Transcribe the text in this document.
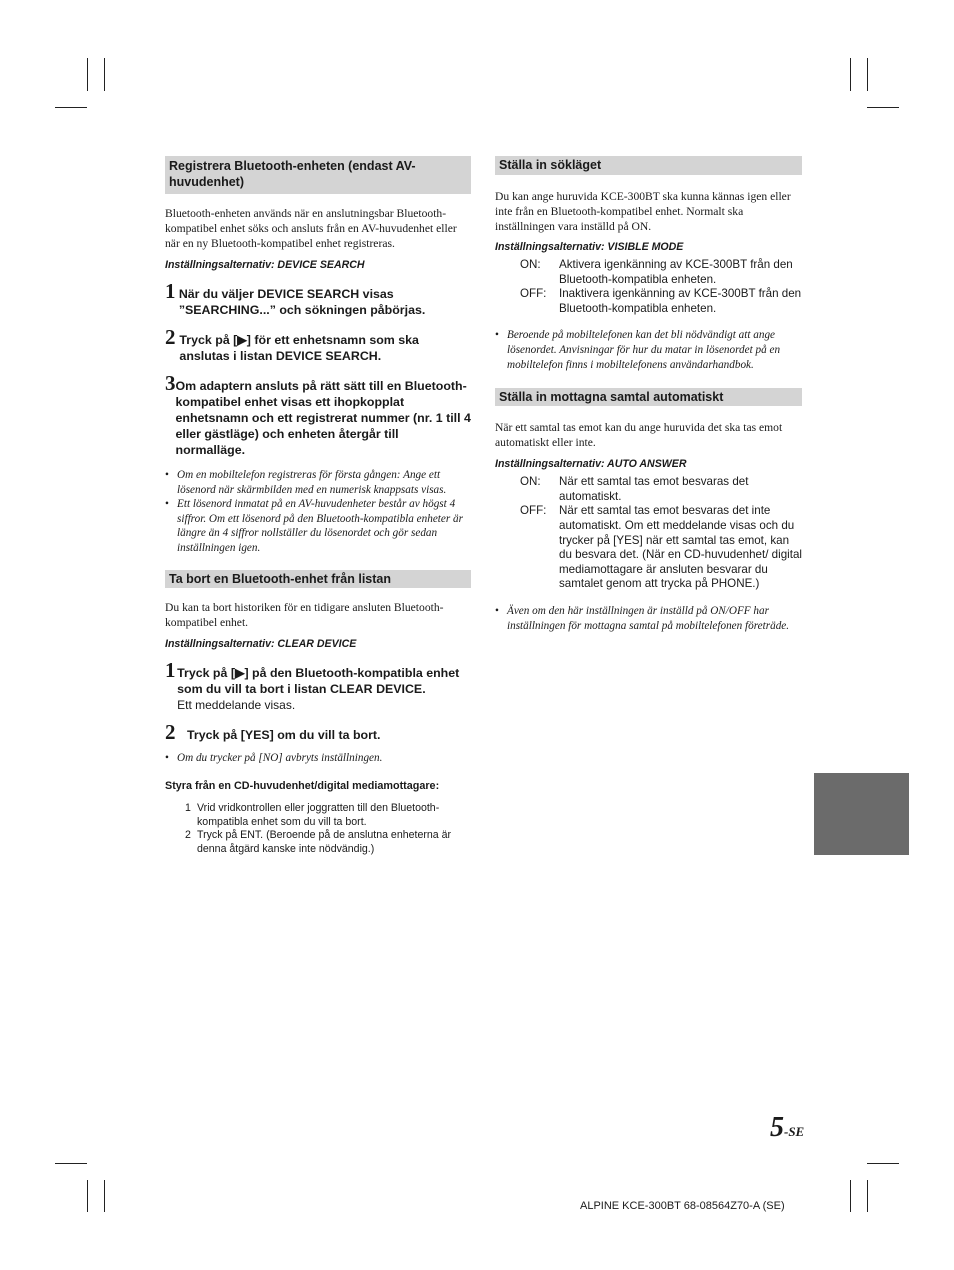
Registrera Bluetooth-enheten (endast AV-huvudenhet)

Bluetooth-enheten används när en anslutningsbar Bluetooth-kompatibel enhet söks och ansluts från en AV-huvudenhet eller när en ny Bluetooth-kompatibel enhet registreras.

Inställningsalternativ: DEVICE SEARCH

1 När du väljer DEVICE SEARCH visas ”SEARCHING...” och sökningen påbörjas.
2 Tryck på [▶] för ett enhetsnamn som ska anslutas i listan DEVICE SEARCH.
3 Om adaptern ansluts på rätt sätt till en Bluetooth-kompatibel enhet visas ett ihopkopplat enhetsnamn och ett registrerat nummer (nr. 1 till 4 eller gästläge) och enheten återgår till normalläge.
• Om en mobiltelefon registreras för första gången: Ange ett lösenord när skärmbilden med en numerisk knappsats visas.
• Ett lösenord inmatat på en AV-huvudenheter består av högst 4 siffror. Om ett lösenord på den Bluetooth-kompatibla enheter är längre än 4 siffror nollställer du lösenordet och gör sedan inställningen igen.
Ta bort en Bluetooth-enhet från listan

Du kan ta bort historiken för en tidigare ansluten Bluetooth-kompatibel enhet.

Inställningsalternativ: CLEAR DEVICE

1 Tryck på [▶] på den Bluetooth-kompatibla enhet som du vill ta bort i listan CLEAR DEVICE.
Ett meddelande visas.
2 Tryck på [YES] om du vill ta bort.
• Om du trycker på [NO] avbryts inställningen.
Styra från en CD-huvudenhet/digital mediamottagare:
1 Vrid vridkontrollen eller joggratten till den Bluetooth-kompatibla enhet som du vill ta bort.
2 Tryck på ENT. (Beroende på de anslutna enheterna är denna åtgärd kanske inte nödvändig.)
Ställa in sökläget

Du kan ange huruvida KCE-300BT ska kunna kännas igen eller inte från en Bluetooth-kompatibel enhet. Normalt ska inställningen vara inställd på ON.

Inställningsalternativ: VISIBLE MODE

ON:	Aktivera igenkänning av KCE-300BT från den Bluetooth-kompatibla enheten.
OFF:	Inaktivera igenkänning av KCE-300BT från den Bluetooth-kompatibla enheten.
• Beroende på mobiltelefonen kan det bli nödvändigt att ange lösenordet. Anvisningar för hur du matar in lösenordet på en mobiltelefon finns i mobiltelefonens användarhandbok.
Ställa in mottagna samtal automatiskt

När ett samtal tas emot kan du ange huruvida det ska tas emot automatiskt eller inte.

Inställningsalternativ: AUTO ANSWER

ON:	När ett samtal tas emot besvaras det automatiskt.
OFF:	När ett samtal tas emot besvaras det inte automatiskt. Om ett meddelande visas och du trycker på [YES] när ett samtal tas emot, kan du besvara det. (När en CD-huvudenhet/ digital mediamottagare är ansluten besvarar du samtalet genom att trycka på PHONE.)
• Även om den här inställningen är inställd på ON/OFF har inställningen för mottagna samtal på mobiltelefonen företräde.
5-SE
ALPINE KCE-300BT 68-08564Z70-A (SE)
